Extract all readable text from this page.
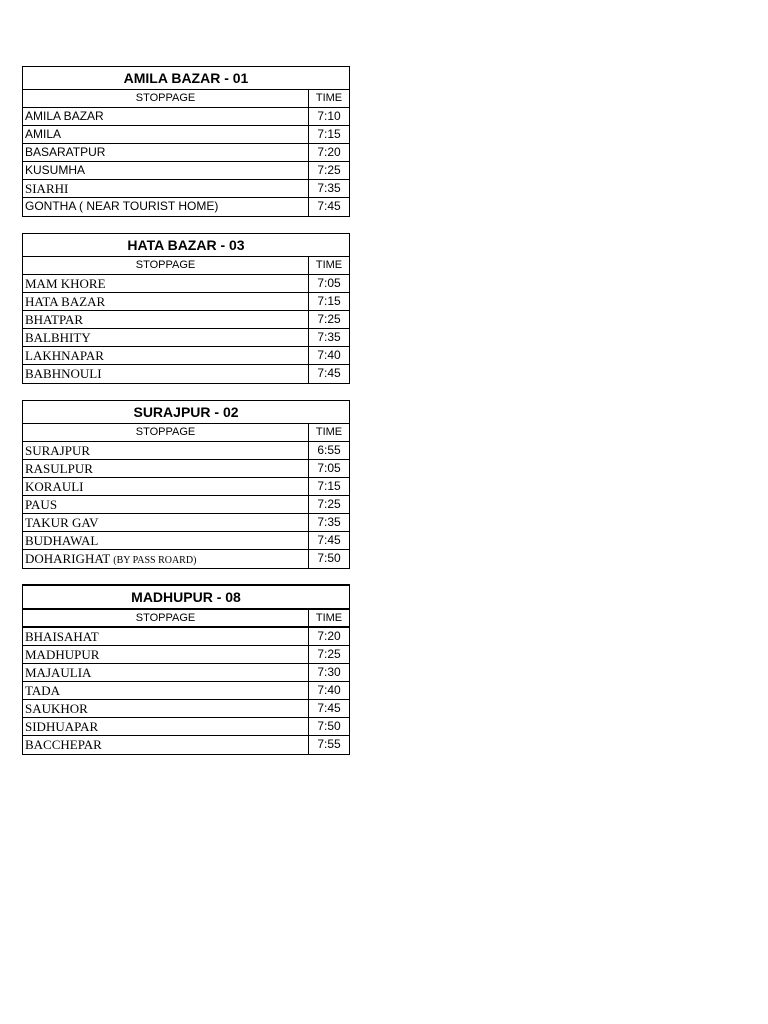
AMILA BAZAR - 01
STOPPAGE	TIME
AMILA BAZAR	7:10
AMILA	7:15
BASARATPUR	7:20
KUSUMHA	7:25
SIARHI	7:35
GONTHA ( NEAR TOURIST HOME)	7:45
HATA BAZAR - 03
STOPPAGE	TIME
MAM KHORE	7:05
HATA BAZAR	7:15
BHATPAR	7:25
BALBHITY	7:35
LAKHNAPAR	7:40
BABHNOULI	7:45
SURAJPUR - 02
STOPPAGE	TIME
SURAJPUR	6:55
RASULPUR	7:05
KORAULI	7:15
PAUS	7:25
TAKUR GAV	7:35
BUDHAWAL	7:45
DOHARIGHAT (BY PASS ROARD)	7:50
MADHUPUR - 08
STOPPAGE	TIME
BHAISAHAT	7:20
MADHUPUR	7:25
MAJAULIA	7:30
TADA	7:40
SAUKHOR	7:45
SIDHUAPAR	7:50
BACCHEPAR	7:55
